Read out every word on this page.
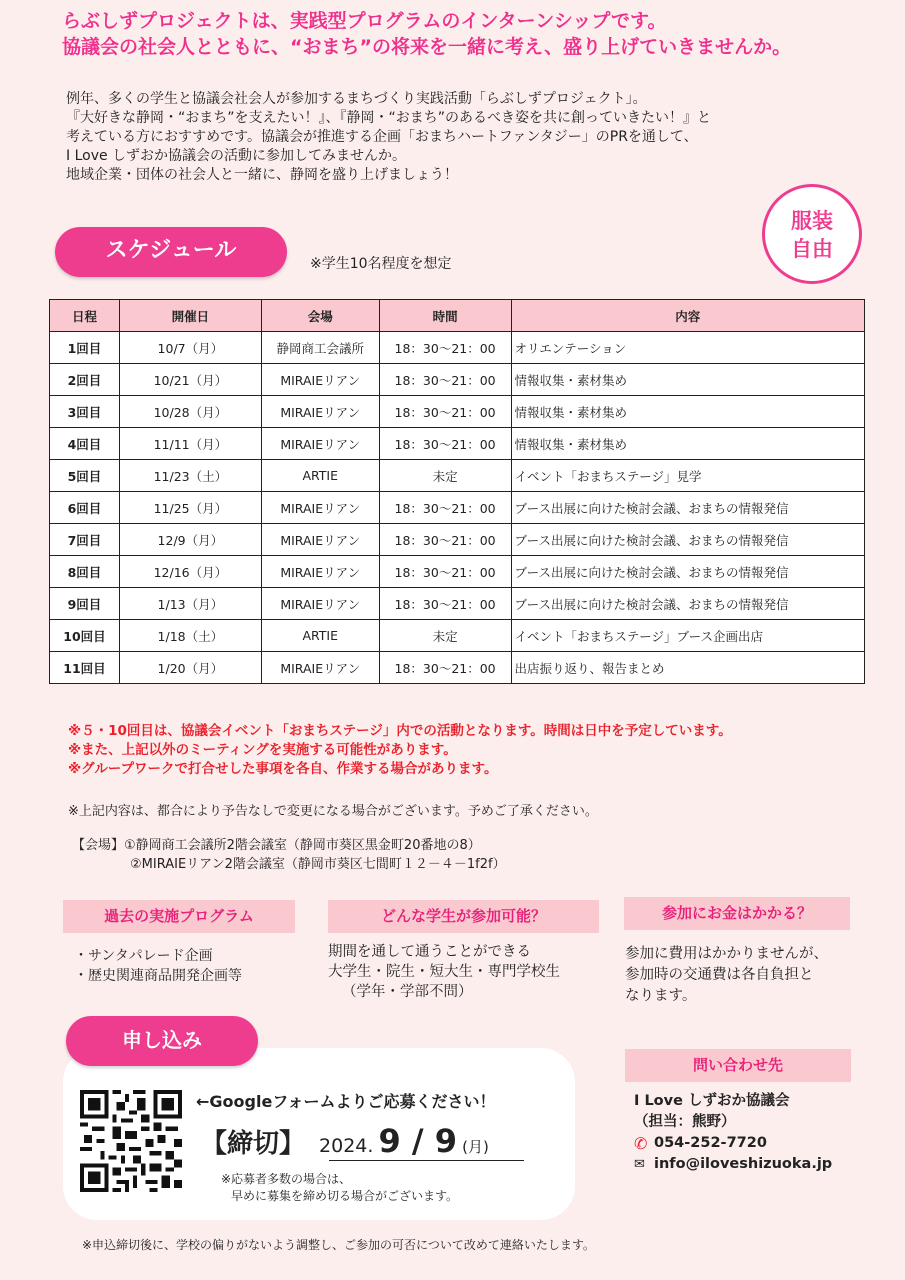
らぶしずプロジェクトは、実践型プログラムのインターンシップです。
協議会の社会人とともに、“おまち”の将来を一緒に考え、盛り上げていきませんか。
例年、多くの学生と協議会社会人が参加するまちづくり実践活動「らぶしずプロジェクト」。
『大好きな静岡・“おまち”を支えたい！』、『静岡・“おまち”のあるべき姿を共に創っていきたい！』と
考えている方におすすめです。協議会が推進する企画「おまちハートファンタジー」のPRを通して、
I Love しずおか協議会の活動に参加してみませんか。
地域企業・団体の社会人と一緒に、静岡を盛り上げましょう！
スケジュール
※学生10名程度を想定
服装
自由
日程	開催日	会場	時間	内容
1回目	10/7（月）	静岡商工会議所	18：30～21：00	オリエンテーション
2回目	10/21（月）	MIRAIEリアン	18：30～21：00	情報収集・素材集め
3回目	10/28（月）	MIRAIEリアン	18：30～21：00	情報収集・素材集め
4回目	11/11（月）	MIRAIEリアン	18：30～21：00	情報収集・素材集め
5回目	11/23（土）	ARTIE	未定	イベント「おまちステージ」見学
6回目	11/25（月）	MIRAIEリアン	18：30～21：00	ブース出展に向けた検討会議、おまちの情報発信
7回目	12/9（月）	MIRAIEリアン	18：30～21：00	ブース出展に向けた検討会議、おまちの情報発信
8回目	12/16（月）	MIRAIEリアン	18：30～21：00	ブース出展に向けた検討会議、おまちの情報発信
9回目	1/13（月）	MIRAIEリアン	18：30～21：00	ブース出展に向けた検討会議、おまちの情報発信
10回目	1/18（土）	ARTIE	未定	イベント「おまちステージ」ブース企画出店
11回目	1/20（月）	MIRAIEリアン	18：30～21：00	出店振り返り、報告まとめ
※５・10回目は、協議会イベント「おまちステージ」内での活動となります。時間は日中を予定しています。
※また、上記以外のミーティングを実施する可能性があります。
※グループワークで打合せした事項を各自、作業する場合があります。
※上記内容は、都合により予告なしで変更になる場合がございます。予めご了承ください。
【会場】①静岡商工会議所2階会議室（静岡市葵区黒金町20番地の8）
②MIRAIEリアン2階会議室（静岡市葵区七間町１２－４－1f2f）
過去の実施プログラム	どんな学生が参加可能？	参加にお金はかかる？
・サンタパレード企画
・歴史関連商品開発企画等
期間を通して通うことができる
大学生・院生・短大生・専門学校生
（学年・学部不問）
参加に費用はかかりませんが、
参加時の交通費は各自負担と
なります。
申し込み
←Googleフォームよりご応募ください！
【締切】 2024. 9 / 9 (月)
※応募者多数の場合は、
早めに募集を締め切る場合がございます。
問い合わせ先
I Love しずおか協議会
（担当：熊野）
✆ 054-252-7720
✉ info@iloveshizuoka.jp
※申込締切後に、学校の偏りがないよう調整し、ご参加の可否について改めて連絡いたします。
